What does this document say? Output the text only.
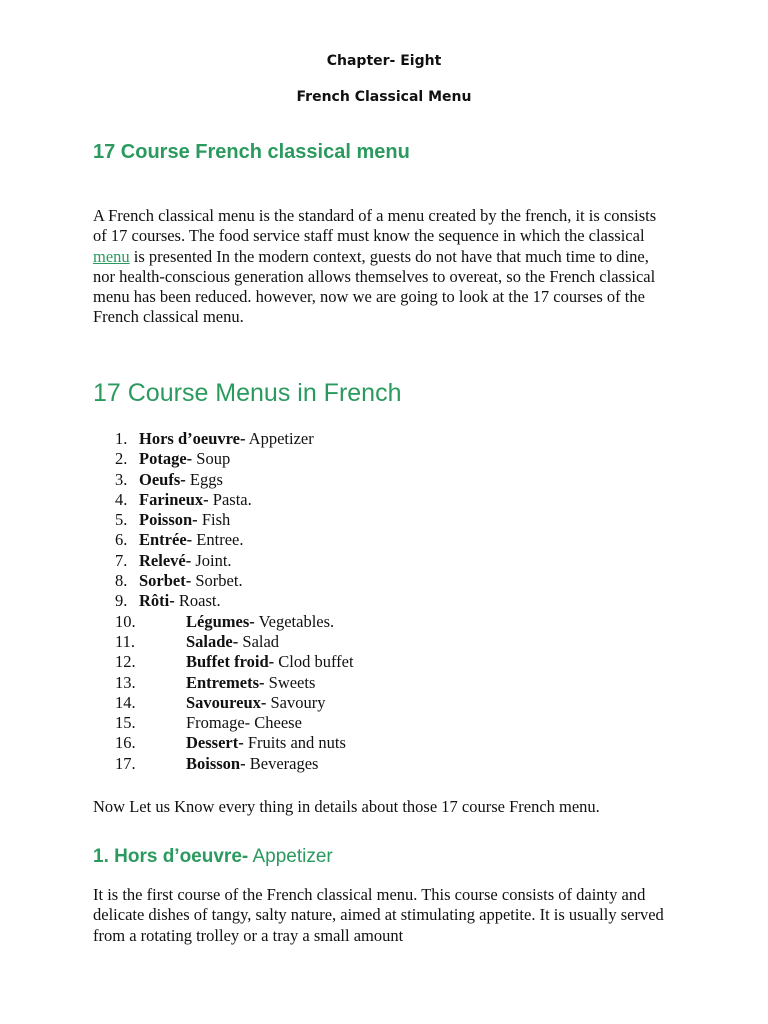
Chapter- Eight
French Classical Menu
17 Course French classical menu
A French classical menu is the standard of a menu created by the french, it is consists of 17 courses. The food service staff must know the sequence in which the classical menu is presented In the modern context, guests do not have that much time to dine, nor health-conscious generation allows themselves to overeat, so the French classical menu has been reduced. however, now we are going to look at the 17 courses of the French classical menu.
17 Course Menus in French
1. Hors d’oeuvre- Appetizer
2. Potage- Soup
3. Oeufs- Eggs
4. Farineux- Pasta.
5. Poisson- Fish
6. Entrée- Entree.
7. Relevé- Joint.
8. Sorbet- Sorbet.
9. Rôti- Roast.
10.	Légumes- Vegetables.
11.	Salade- Salad
12.	Buffet froid- Clod buffet
13.	Entremets- Sweets
14.	Savoureux- Savoury
15.	Fromage- Cheese
16.	Dessert- Fruits and nuts
17.	Boisson- Beverages
Now Let us Know every thing in details about those 17 course French menu.
1. Hors d’oeuvre- Appetizer
It is the first course of the French classical menu. This course consists of dainty and delicate dishes of tangy, salty nature, aimed at stimulating appetite. It is usually served from a rotating trolley or a tray a small amount
